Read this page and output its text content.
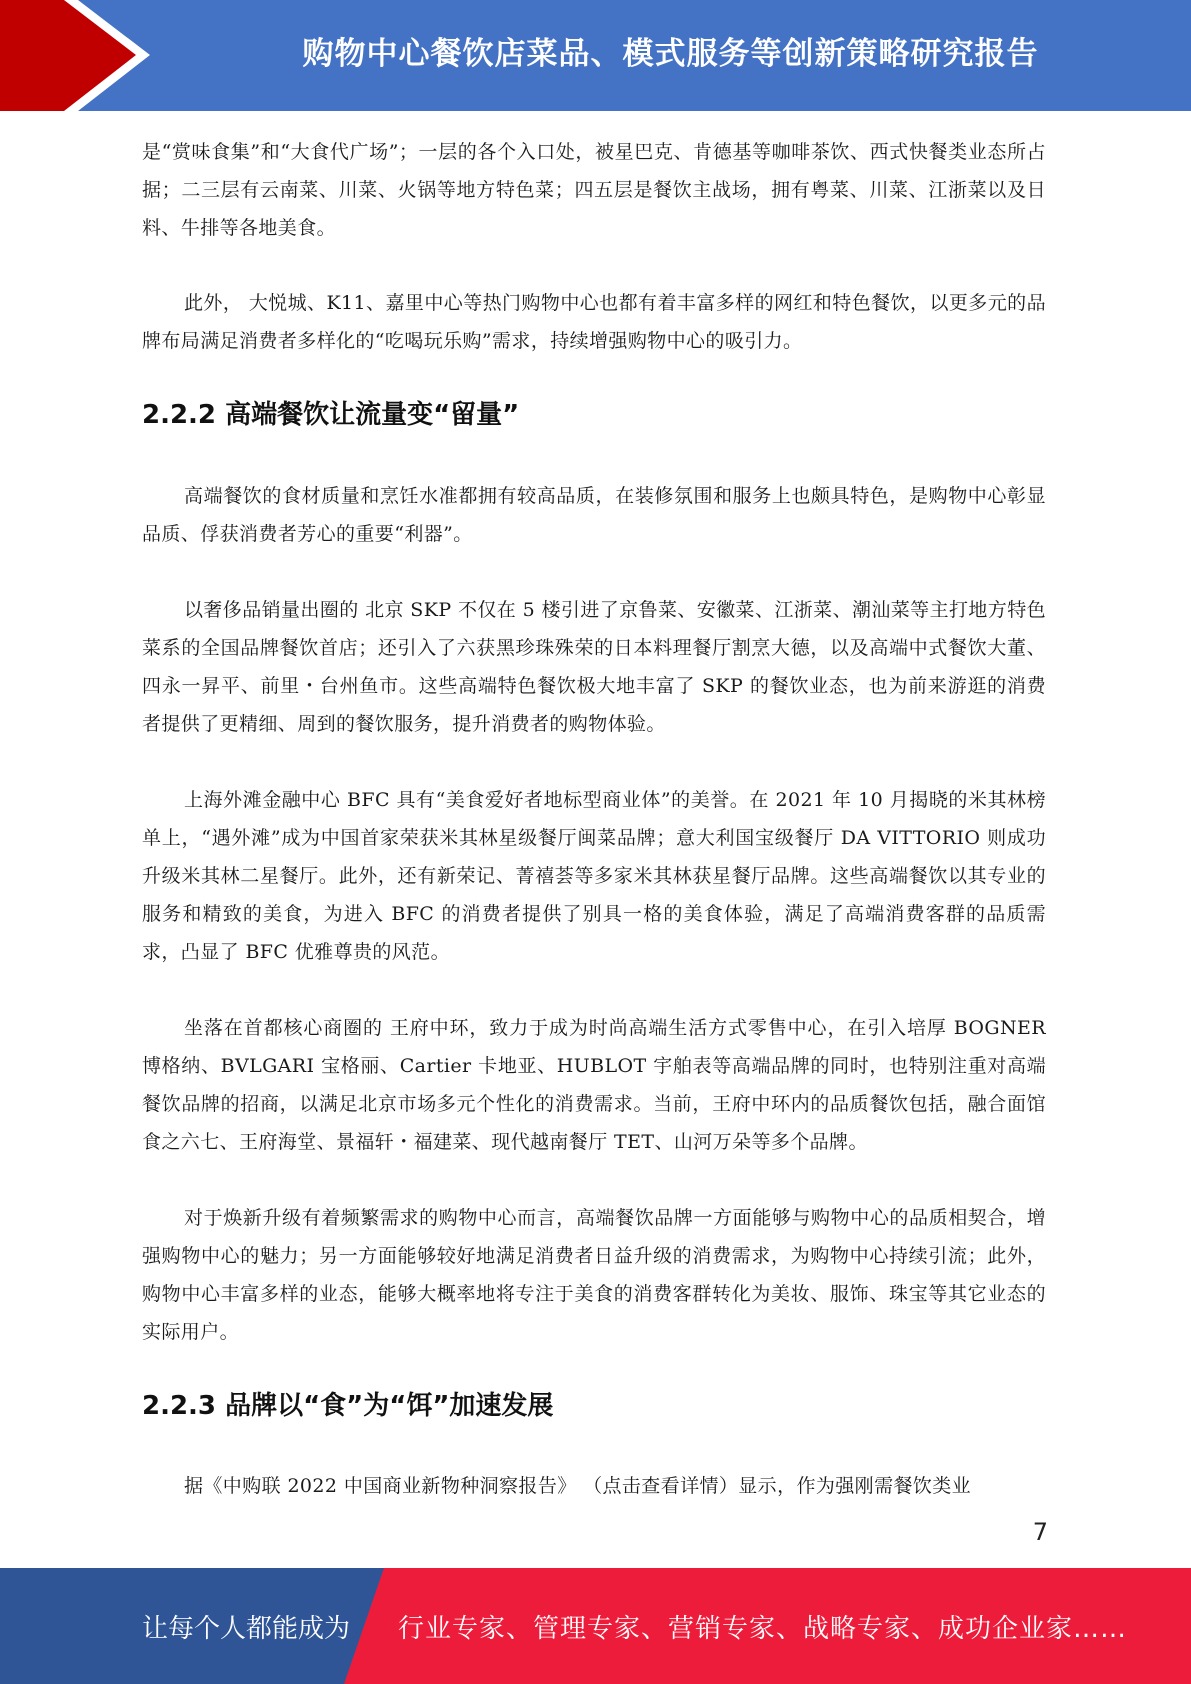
购物中心餐饮店菜品、模式服务等创新策略研究报告

是“赏味食集”和“大食代广场”；一层的各个入口处，被星巴克、肯德基等咖啡茶饮、西式快餐类业态所占据；二三层有云南菜、川菜、火锅等地方特色菜；四五层是餐饮主战场，拥有粤菜、川菜、江浙菜以及日料、牛排等各地美食。

此外， 大悦城、K11、嘉里中心等热门购物中心也都有着丰富多样的网红和特色餐饮，以更多元的品牌布局满足消费者多样化的“吃喝玩乐购”需求，持续增强购物中心的吸引力。

2.2.2 高端餐饮让流量变“留量”

高端餐饮的食材质量和烹饪水准都拥有较高品质，在装修氛围和服务上也颇具特色，是购物中心彰显品质、俘获消费者芳心的重要“利器”。

以奢侈品销量出圈的 北京 SKP 不仅在 5 楼引进了京鲁菜、安徽菜、江浙菜、潮汕菜等主打地方特色菜系的全国品牌餐饮首店；还引入了六获黑珍珠殊荣的日本料理餐厅割烹大德，以及高端中式餐饮大董、四永一昇平、前里・台州鱼市。这些高端特色餐饮极大地丰富了 SKP 的餐饮业态，也为前来游逛的消费者提供了更精细、周到的餐饮服务，提升消费者的购物体验。

上海外滩金融中心 BFC 具有“美食爱好者地标型商业体”的美誉。在 2021 年 10 月揭晓的米其林榜单上，“遇外滩”成为中国首家荣获米其林星级餐厅闽菜品牌；意大利国宝级餐厅 DA VITTORIO 则成功升级米其林二星餐厅。此外，还有新荣记、菁禧荟等多家米其林获星餐厅品牌。这些高端餐饮以其专业的服务和精致的美食，为进入 BFC 的消费者提供了别具一格的美食体验，满足了高端消费客群的品质需求，凸显了 BFC 优雅尊贵的风范。

坐落在首都核心商圈的 王府中环，致力于成为时尚高端生活方式零售中心，在引入培厚 BOGNER 博格纳、BVLGARI 宝格丽、Cartier 卡地亚、HUBLOT 宇舶表等高端品牌的同时，也特别注重对高端餐饮品牌的招商，以满足北京市场多元个性化的消费需求。当前，王府中环内的品质餐饮包括，融合面馆食之六七、王府海堂、景福轩・福建菜、现代越南餐厅 TET、山河万朵等多个品牌。

对于焕新升级有着频繁需求的购物中心而言，高端餐饮品牌一方面能够与购物中心的品质相契合，增强购物中心的魅力；另一方面能够较好地满足消费者日益升级的消费需求，为购物中心持续引流；此外，购物中心丰富多样的业态，能够大概率地将专注于美食的消费客群转化为美妆、服饰、珠宝等其它业态的实际用户。

2.2.3 品牌以“食”为“饵”加速发展

据《中购联 2022 中国商业新物种洞察报告》 （点击查看详情）显示，作为强刚需餐饮类业

7
让每个人都能成为 行业专家、管理专家、营销专家、战略专家、成功企业家……
